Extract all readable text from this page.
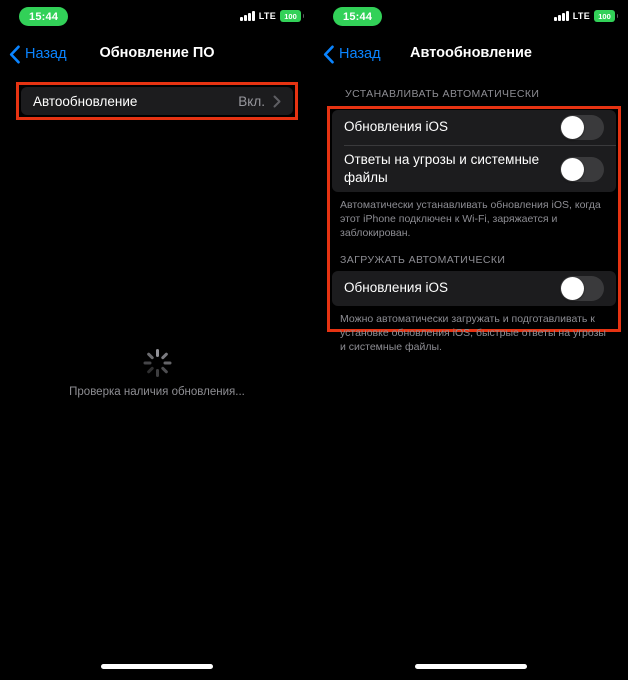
15:44	LTE 100
Назад	Обновление ПО
Автообновление	Вкл.
Проверка наличия обновления...
15:44	LTE 100
Назад	Автообновление
УСТАНАВЛИВАТЬ АВТОМАТИЧЕСКИ
Обновления iOS
Ответы на угрозы и системные файлы
Автоматически устанавливать обновления iOS, когда этот iPhone подключен к Wi-Fi, заряжается и заблокирован.
ЗАГРУЖАТЬ АВТОМАТИЧЕСКИ
Обновления iOS
Можно автоматически загружать и подготавливать к установке обновления iOS, быстрые ответы на угрозы и системные файлы.
